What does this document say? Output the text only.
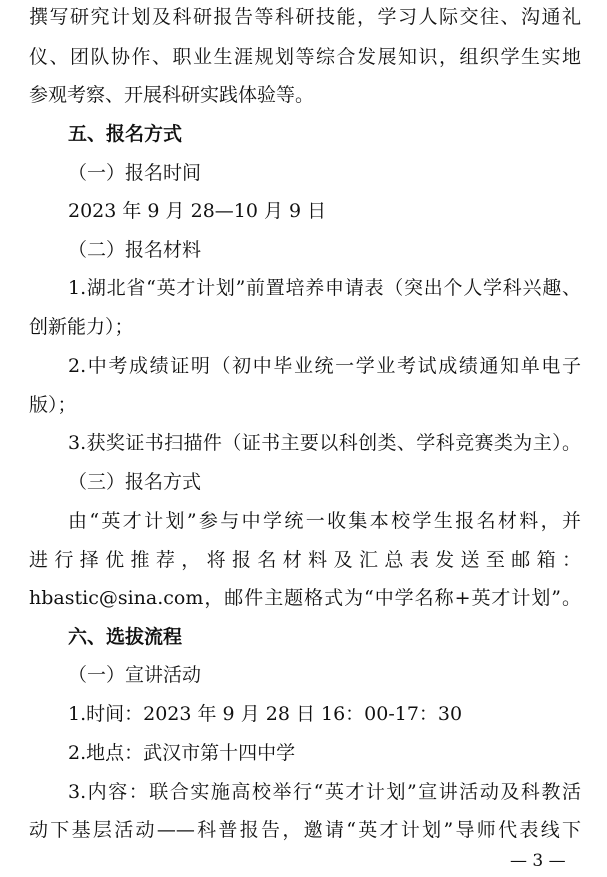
撰写研究计划及科研报告等科研技能，学习人际交往、沟通礼
仪、团队协作、职业生涯规划等综合发展知识，组织学生实地
参观考察、开展科研实践体验等。
五、报名方式
（一）报名时间
2023 年 9 月 28—10 月 9 日
（二）报名材料
1.湖北省“英才计划”前置培养申请表（突出个人学科兴趣、
创新能力）；
2.中考成绩证明（初中毕业统一学业考试成绩通知单电子
版）；
3.获奖证书扫描件（证书主要以科创类、学科竞赛类为主）。
（三）报名方式
由“英才计划”参与中学统一收集本校学生报名材料，并
进行择优推荐，将报名材料及汇总表发送至邮箱：
hbastic@sina.com，邮件主题格式为“中学名称+英才计划”。
六、选拔流程
（一）宣讲活动
1.时间：2023 年 9 月 28 日 16：00-17：30
2.地点：武汉市第十四中学
3.内容：联合实施高校举行“英才计划”宣讲活动及科教活
动下基层活动——科普报告，邀请“英才计划”导师代表线下
— 3 —
